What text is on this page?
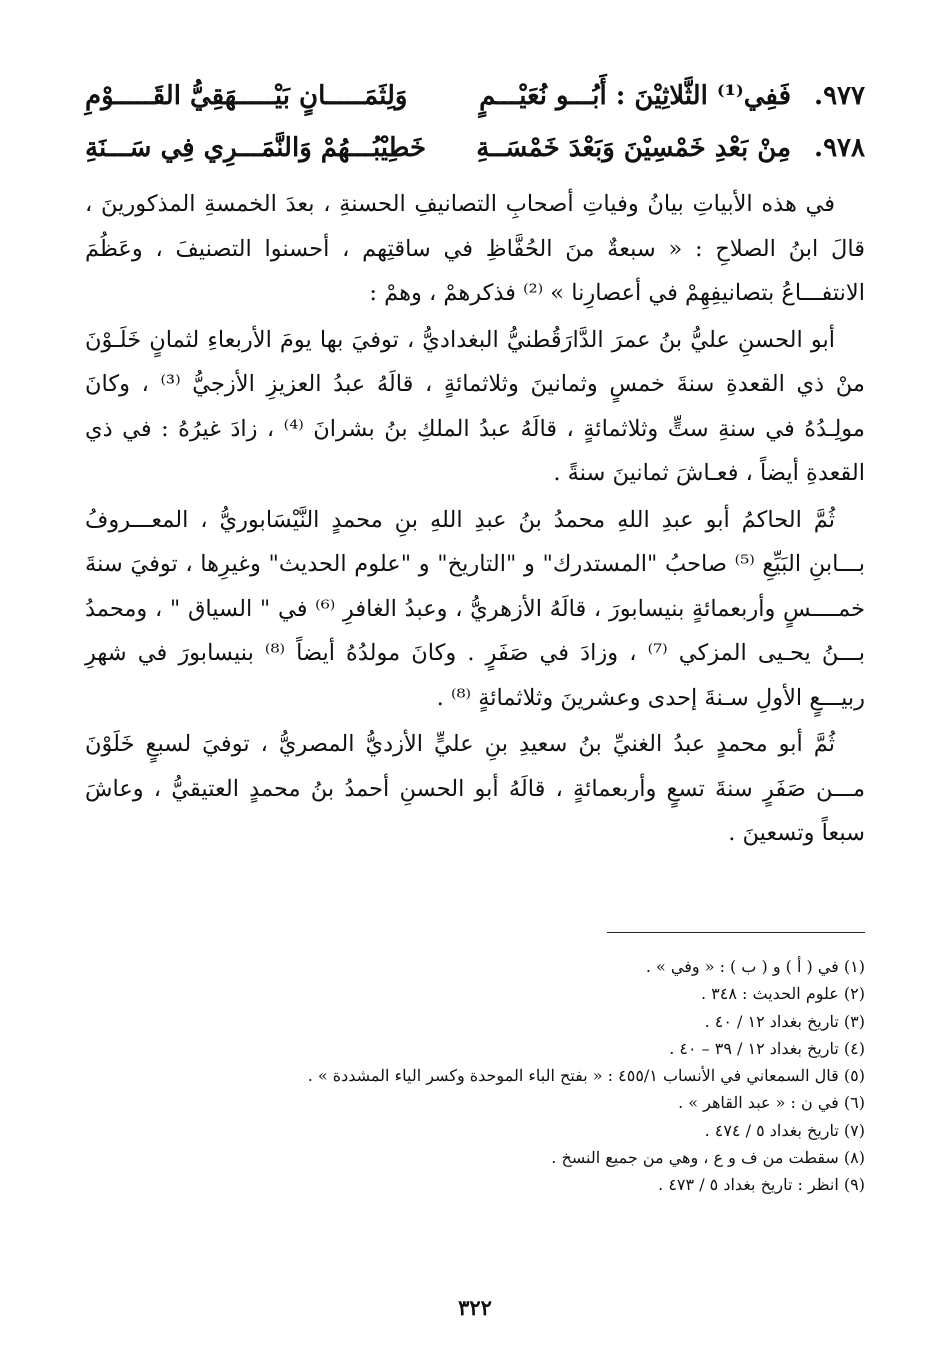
٩٧٧.
فَفِي⁽¹⁾ الثَّلاثِيْنَ : أَبُـــو نُعَيْـــمٍ
وَلِثَمَـــــانٍ بَيْـــــهَقِيُّ القَـــــوْمِ
٩٧٨.
مِنْ بَعْدِ خَمْسِيْنَ وَبَعْدَ خَمْسَــةِ
خَطِيْبُـــهُمْ وَالنَّمَـــرِي فِي سَـــنَةِ

في هذه الأبياتِ بيانُ وفياتِ أصحابِ التصانيفِ الحسنةِ ، بعدَ الخمسةِ المذكورينَ ، قالَ ابنُ الصلاحِ : « سبعةٌ منَ الحُفَّاظِ في ساقتِهم ، أحسنوا التصنيفَ ، وعَظُمَ الانتفـــاعُ بتصانيفِهِمْ في أعصارِنا » ⁽²⁾ فذكرهمْ ، وهمْ :

أبو الحسنِ عليُّ بنُ عمرَ الدَّارَقُطنيُّ البغداديُّ ، توفيَ بها يومَ الأربعاءِ لثمانٍ خَلَـوْنَ منْ ذي القعدةِ سنةَ خمسٍ وثمانينَ وثلاثمائةٍ ، قالَهُ عبدُ العزيزِ الأزجيُّ ⁽³⁾ ، وكانَ مولِـدُهُ في سنةِ ستٍّ وثلاثمائةٍ ، قالَهُ عبدُ الملكِ بنُ بشرانَ ⁽⁴⁾ ، زادَ غيرُهُ : في ذي القعدةِ أيضاً ، فعـاشَ ثمانينَ سنةً .

ثُمَّ الحاكمُ أبو عبدِ اللهِ محمدُ بنُ عبدِ اللهِ بنِ محمدٍ النَّيْسَابوريُّ ، المعـــروفُ بـــابنِ البَيِّعِ ⁽⁵⁾ صاحبُ "المستدرك" و "التاريخ" و "علوم الحديث" وغيرِها ، توفيَ سنةَ خمــــسٍ وأربعمائةٍ بنيسابورَ ، قالَهُ الأزهريُّ ، وعبدُ الغافرِ ⁽⁶⁾ في " السياق " ، ومحمدُ بـــنُ يحـيى المزكي ⁽⁷⁾ ، وزادَ في صَفَرٍ . وكانَ مولدُهُ أيضاً ⁽⁸⁾ بنيسابورَ في شهرِ ربيـــعٍ الأولِ سـنةَ إحدى وعشرينَ وثلاثمائةٍ ⁽⁸⁾ .

ثُمَّ أبو محمدٍ عبدُ الغنيِّ بنُ سعيدِ بنِ عليٍّ الأزديُّ المصريُّ ، توفيَ لسبعٍ خَلَوْنَ مـــن صَفَرٍ سنةَ تسعٍ وأربعمائةٍ ، قالَهُ أبو الحسنِ أحمدُ بنُ محمدٍ العتيقيُّ ، وعاشَ سبعاً وتسعينَ .

(١) في ( أ ) و ( ب ) : « وفي » .
(٢) علوم الحديث : ٣٤٨ .
(٣) تاريخ بغداد ١٢ / ٤٠ .
(٤) تاريخ بغداد ١٢ / ٣٩ – ٤٠ .
(٥) قال السمعاني في الأنساب ٤٥٥/١ : « بفتح الباء الموحدة وكسر الياء المشددة » .
(٦) في ن : « عبد القاهر » .
(٧) تاريخ بغداد ٥ / ٤٧٤ .
(٨) سقطت من ف و ع ، وهي من جميع النسخ .
(٩) انظر : تاريخ بغداد ٥ / ٤٧٣ .
٣٢٢
